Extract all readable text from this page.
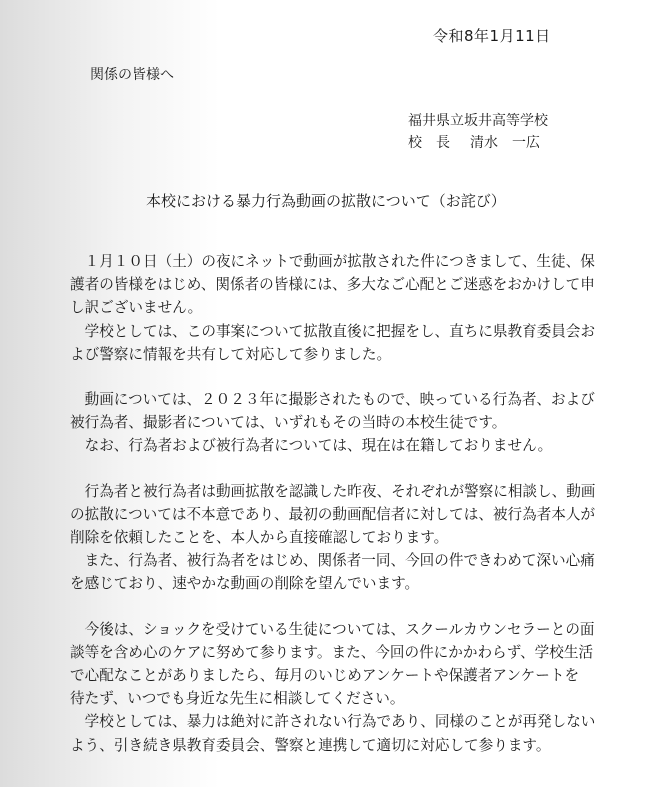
令和8年1月11日
関係の皆様へ
福井県立坂井高等学校
校　長 清水　一広
本校における暴力行為動画の拡散について（お詫び）

　１月１０日（土）の夜にネットで動画が拡散された件につきまして、生徒、保
護者の皆様をはじめ、関係者の皆様には、多大なご心配とご迷惑をおかけして申
し訳ございません。

　学校としては、この事案について拡散直後に把握をし、直ちに県教育委員会お
よび警察に情報を共有して対応して参りました。

　動画については、２０２３年に撮影されたもので、映っている行為者、および
被行為者、撮影者については、いずれもその当時の本校生徒です。

　なお、行為者および被行為者については、現在は在籍しておりません。

　行為者と被行為者は動画拡散を認識した昨夜、それぞれが警察に相談し、動画
の拡散については不本意であり、最初の動画配信者に対しては、被行為者本人が
削除を依頼したことを、本人から直接確認しております。

　また、行為者、被行為者をはじめ、関係者一同、今回の件できわめて深い心痛
を感じており、速やかな動画の削除を望んでいます。

　今後は、ショックを受けている生徒については、スクールカウンセラーとの面
談等を含め心のケアに努めて参ります。また、今回の件にかかわらず、学校生活
で心配なことがありましたら、毎月のいじめアンケートや保護者アンケートを
待たず、いつでも身近な先生に相談してください。

　学校としては、暴力は絶対に許されない行為であり、同様のことが再発しない
よう、引き続き県教育委員会、警察と連携して適切に対応して参ります。
